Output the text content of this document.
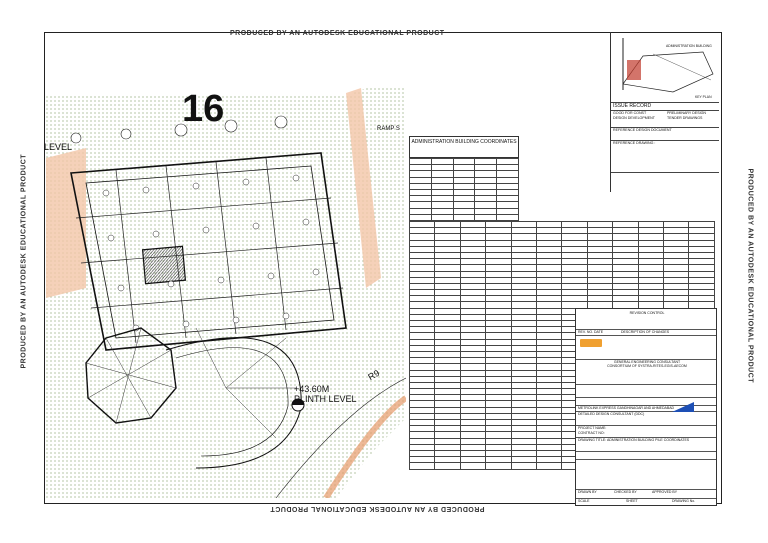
PRODUCED BY AN AUTODESK EDUCATIONAL PRODUCT
PRODUCED BY AN AUTODESK EDUCATIONAL PRODUCT
PRODUCED BY AN AUTODESK EDUCATIONAL PRODUCT	PRODUCED BY AN AUTODESK EDUCATIONAL PRODUCT
16
LEVEL
RAMP S
R9
+43.60M
PLINTH LEVEL
ADMINISTRATION BUILDING COORDINATES

ADMINISTRATION BUILDING
KEY PLAN
ISSUE RECORD
GOOD FOR CONST	PRELIMINARY DESIGN
DESIGN DEVELOPMENT	TENDER DRAWINGS
REFERENCE DESIGN DOCUMENT
REFERENCE DRAWING :
REVISION CONTROL
REV. NO. DATE	DESCRIPTION OF CHANGES
GENERAL ENGINEERING CONSULTANT
CONSORTIUM OF SYSTRA-RITES-EGIS-AECOM
METROLINK EXPRESS GANDHINAGAR AND AHMEDABAD
DETAILED DESIGN CONSULTANT (DDC)
PROJECT NAME:
CONTRACT NO:
DRAWING TITLE: ADMINISTRATION BUILDING PILE COORDINATES
DRAWN BY	CHECKED BY	APPROVED BY
SCALE	SHEET	DRAWING No.
